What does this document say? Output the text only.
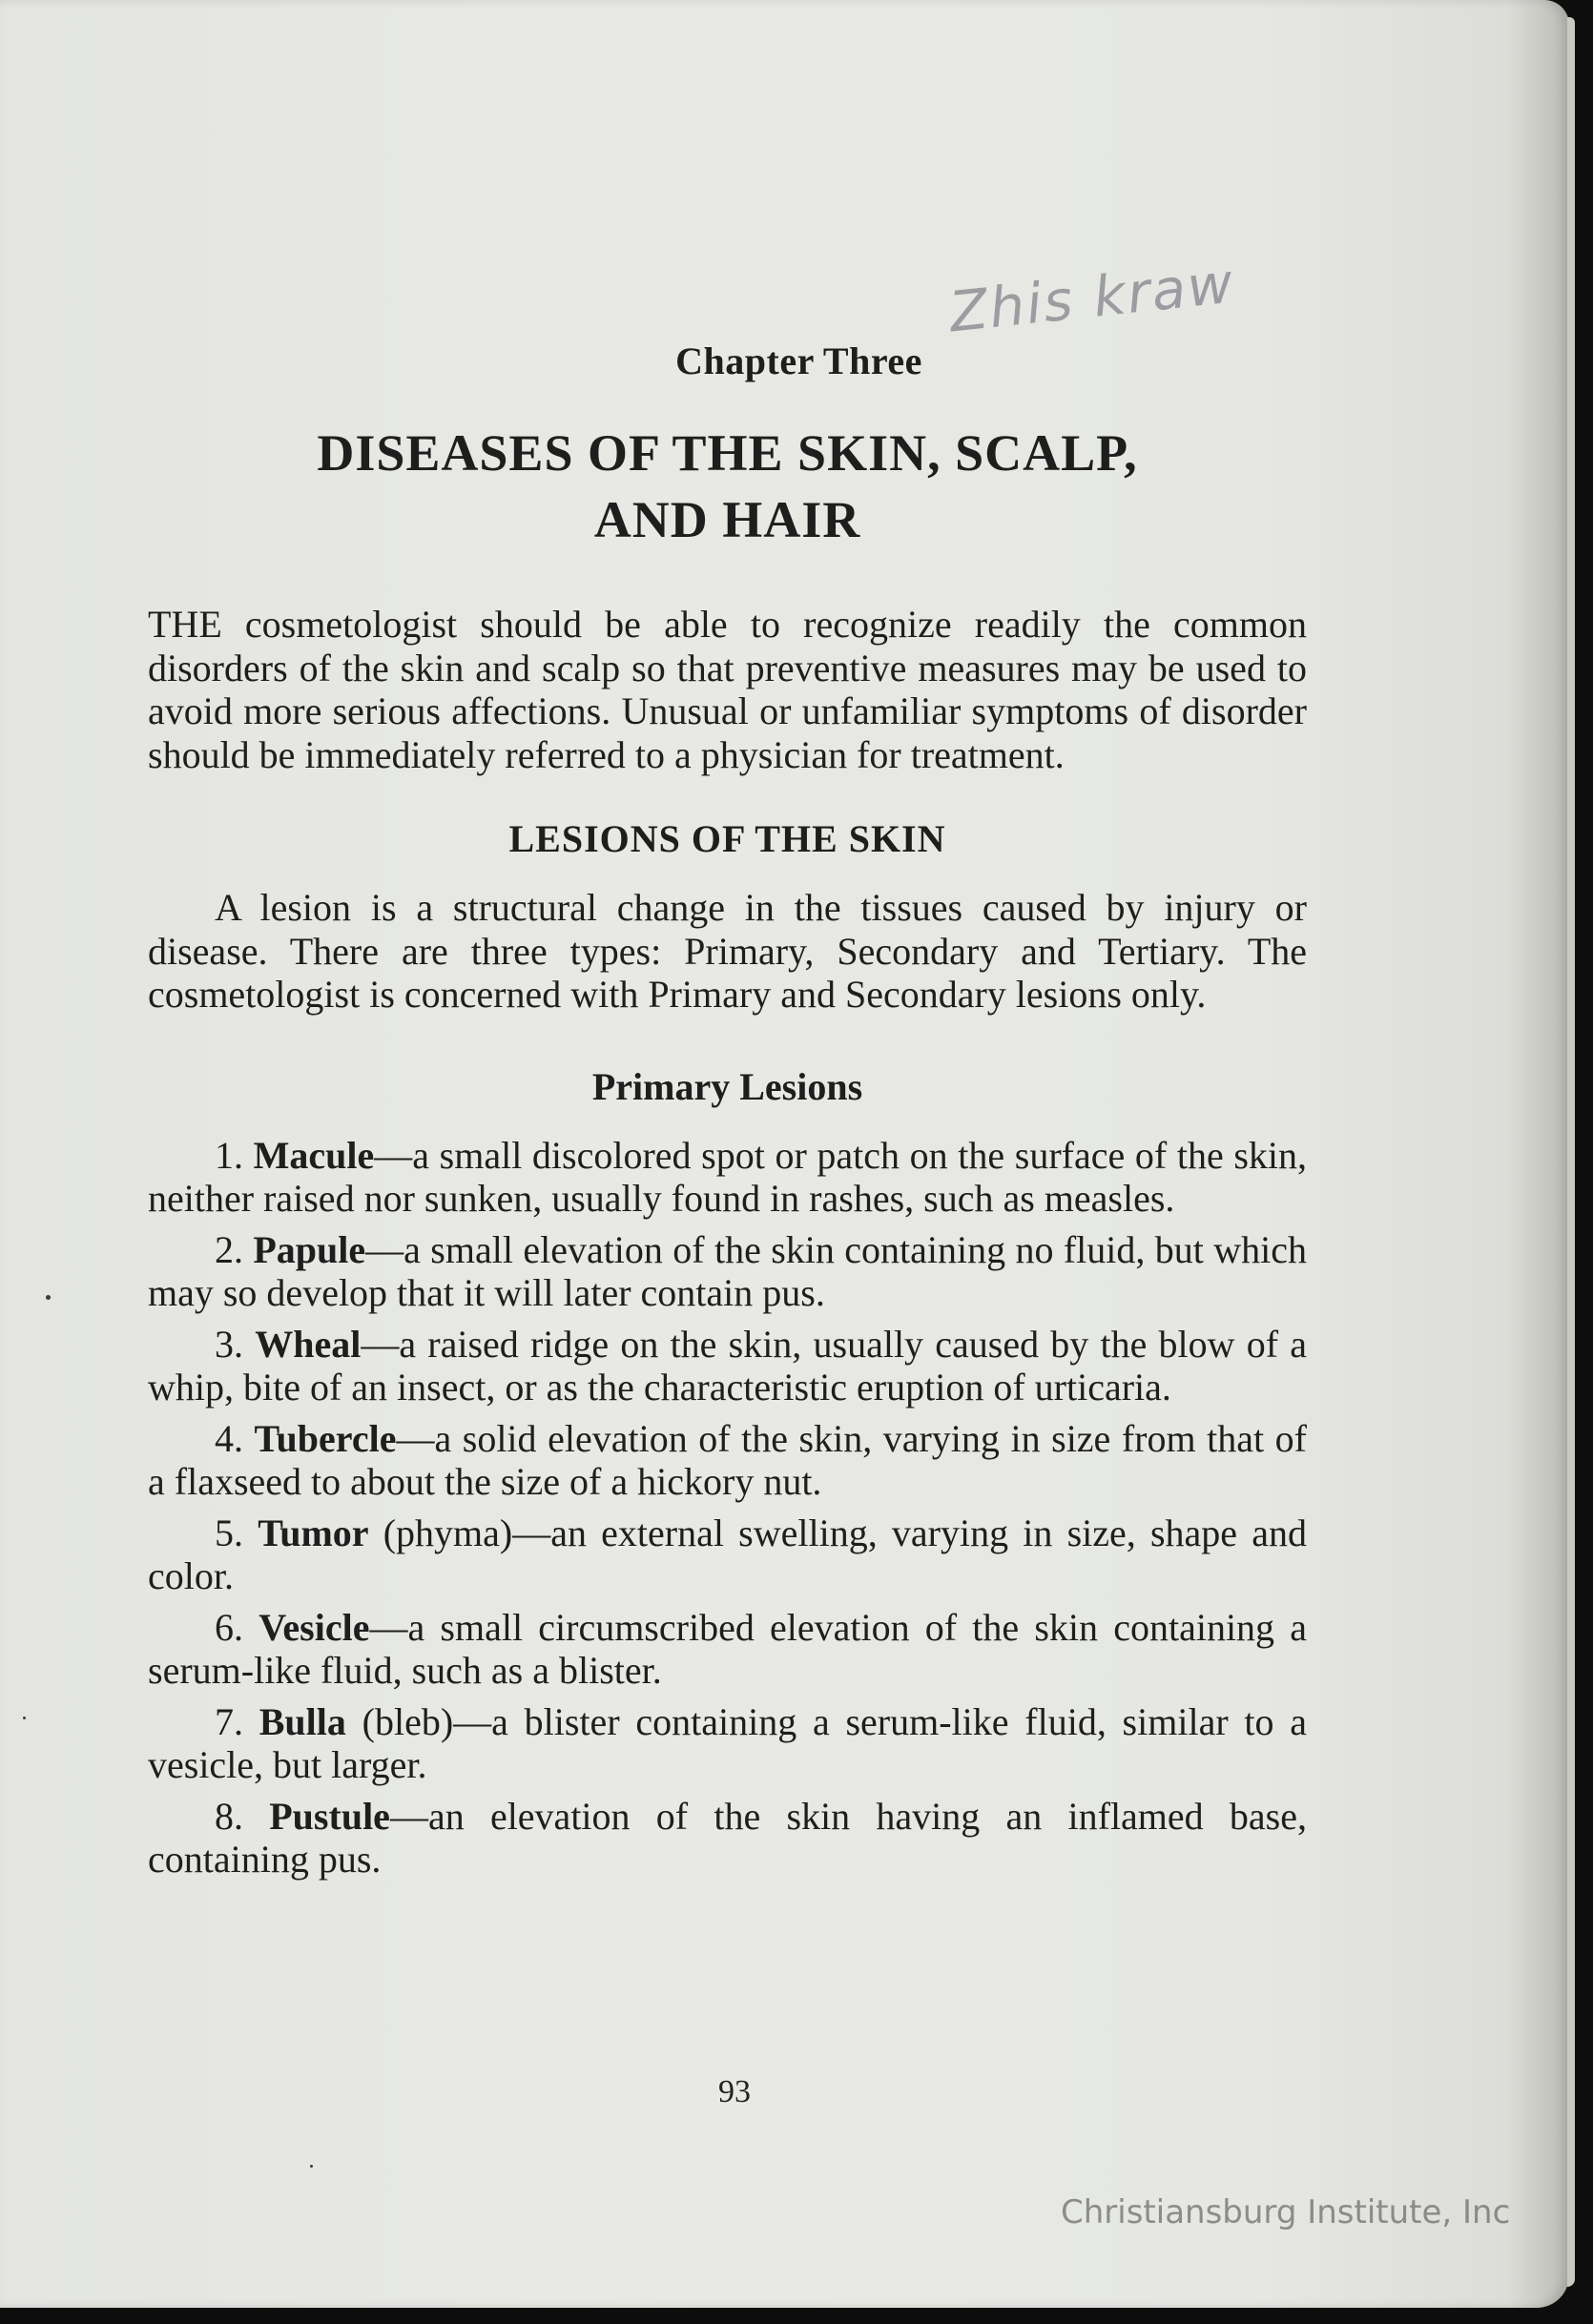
Zhis kraw
Chapter Three
DISEASES OF THE SKIN, SCALP,
AND HAIR

THE cosmetologist should be able to recognize readily the common disorders of the skin and scalp so that preventive measures may be used to avoid more serious affections. Unusual or unfamiliar symptoms of disorder should be immediately referred to a physician for treatment.

LESIONS OF THE SKIN

A lesion is a structural change in the tissues caused by injury or disease. There are three types: Primary, Secondary and Tertiary. The cosmetologist is concerned with Primary and Secondary lesions only.

Primary Lesions

1. Macule—a small discolored spot or patch on the surface of the skin, neither raised nor sunken, usually found in rashes, such as measles.

2. Papule—a small elevation of the skin containing no fluid, but which may so develop that it will later contain pus.

3. Wheal—a raised ridge on the skin, usually caused by the blow of a whip, bite of an insect, or as the characteristic eruption of urticaria.

4. Tubercle—a solid elevation of the skin, varying in size from that of a flaxseed to about the size of a hickory nut.

5. Tumor (phyma)—an external swelling, varying in size, shape and color.

6. Vesicle—a small circumscribed elevation of the skin containing a serum-like fluid, such as a blister.

7. Bulla (bleb)—a blister containing a serum-like fluid, similar to a vesicle, but larger.

8. Pustule—an elevation of the skin having an inflamed base, containing pus.

93
Christiansburg Institute, Inc
